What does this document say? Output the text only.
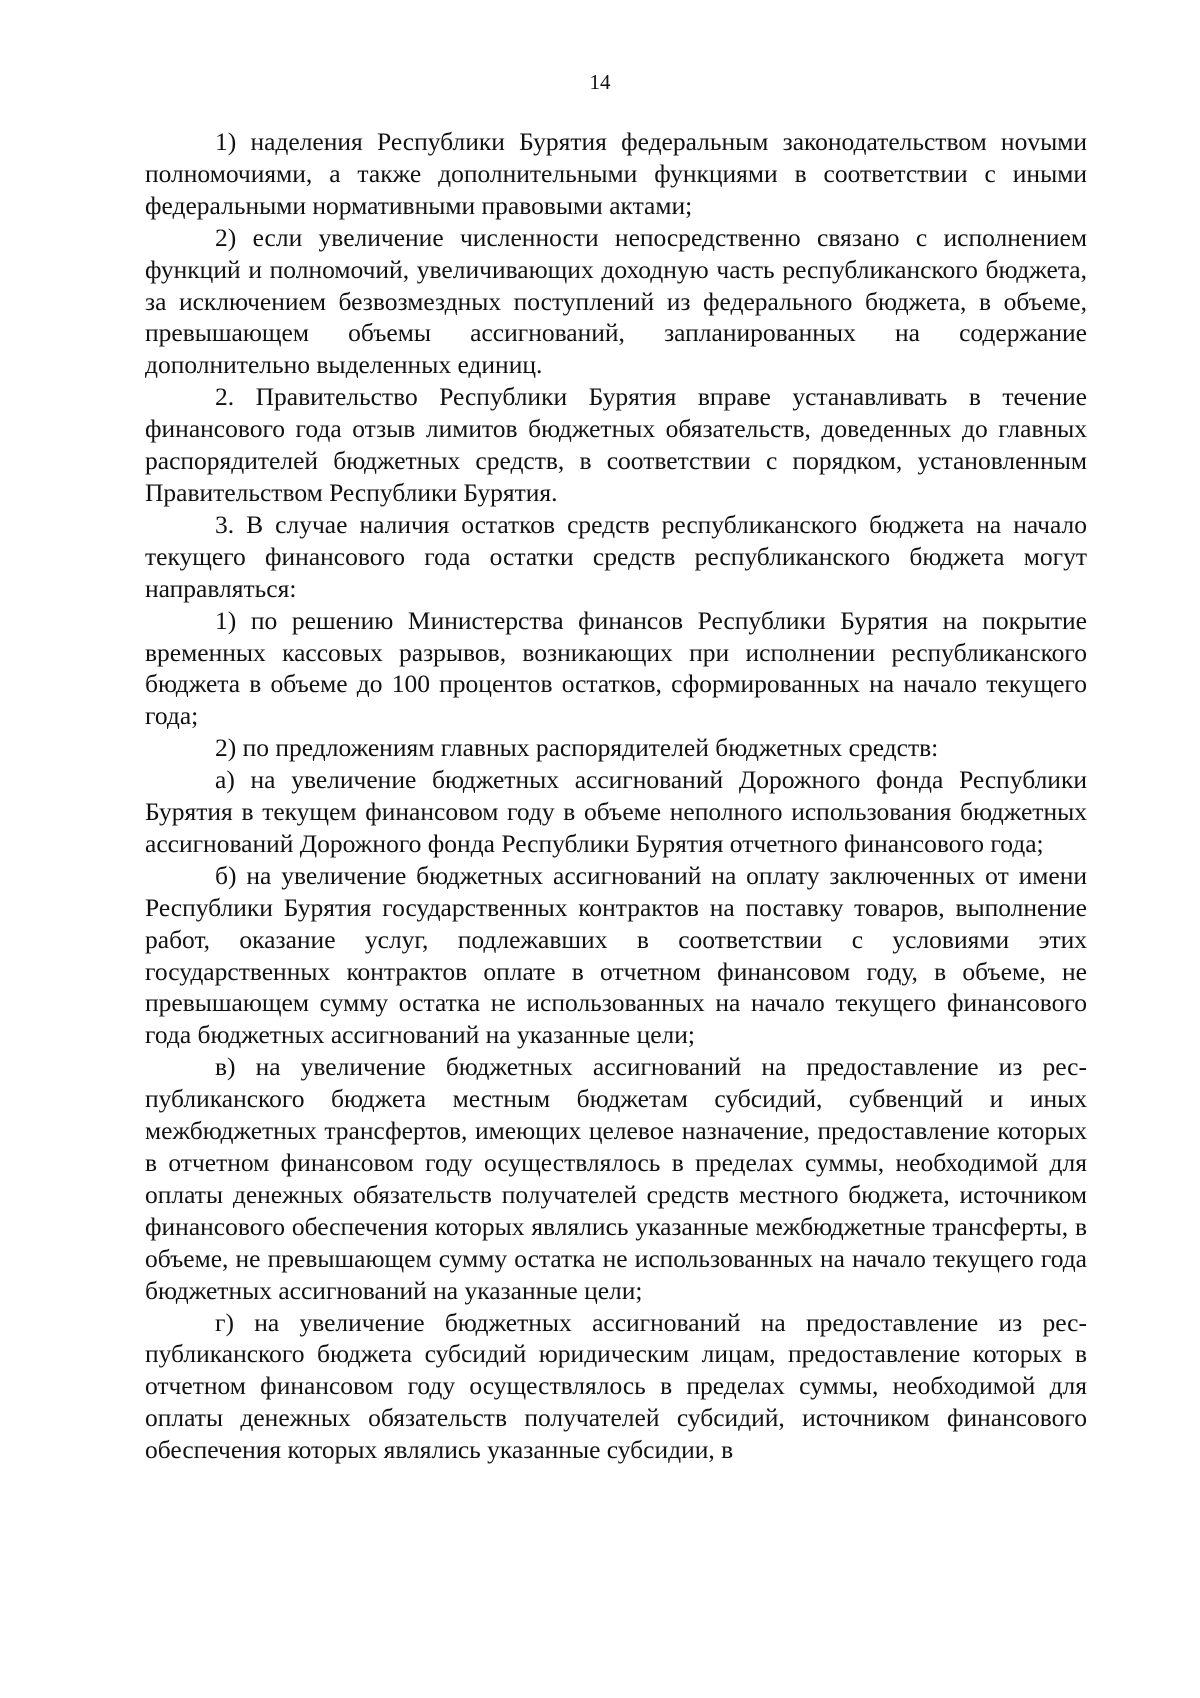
14

1) наделения Республики Бурятия федеральным законодательством ноvыми полномочиями, а также дополнительными функциями в соответствии с иными федеральными нормативными правовыми актами;

2) если увеличение численности непосредственно связано с исполнением функций и полномочий, увеличивающих доходную часть республиканского бюджета, за исключением безвозмездных поступлений из федерального бюджета, в объеме, превышающем объемы ассигнований, запланированных на содержание дополнительно выделенных единиц.

2. Правительство Республики Бурятия вправе устанавливать в течение финансового года отзыв лимитов бюджетных обязательств, доведенных до главных распорядителей бюджетных средств, в соответствии с порядком, установленным Правительством Республики Бурятия.

3. В случае наличия остатков средств республиканского бюджета на начало текущего финансового года остатки средств республиканского бюджета могут направляться:

1) по решению Министерства финансов Республики Бурятия на покрытие временных кассовых разрывов, возникающих при исполнении республиканского бюджета в объеме до 100 процентов остатков, сформированных на начало текущего года;

2) по предложениям главных распорядителей бюджетных средств:

а) на увеличение бюджетных ассигнований Дорожного фонда Республики Бурятия в текущем финансовом году в объеме неполного использования бюджетных ассигнований Дорожного фонда Республики Бурятия отчетного финансового года;

б) на увеличение бюджетных ассигнований на оплату заключенных от имени Республики Бурятия государственных контрактов на поставку товаров, выполнение работ, оказание услуг, подлежавших в соответствии с условиями этих государственных контрактов оплате в отчетном финансовом году, в объеме, не превышающем сумму остатка не использованных на начало текущего финансового года бюджетных ассигнований на указанные цели;

в) на увеличение бюджетных ассигнований на предоставление из республиканского бюджета местным бюджетам субсидий, субвенций и иных межбюджетных трансфертов, имеющих целевое назначение, предоставление которых в отчетном финансовом году осуществлялось в пределах суммы, необходимой для оплаты денежных обязательств получателей средств местного бюджета, источником финансового обеспечения которых являлись указанные межбюджетные трансферты, в объеме, не превышающем сумму остатка не использованных на начало текущего года бюджетных ассигнований на указанные цели;

г) на увеличение бюджетных ассигнований на предоставление из республиканского бюджета субсидий юридическим лицам, предоставление которых в отчетном финансовом году осуществлялось в пределах суммы, необходимой для оплаты денежных обязательств получателей субсидий, источником финансового обеспечения которых являлись указанные субсидии, в
